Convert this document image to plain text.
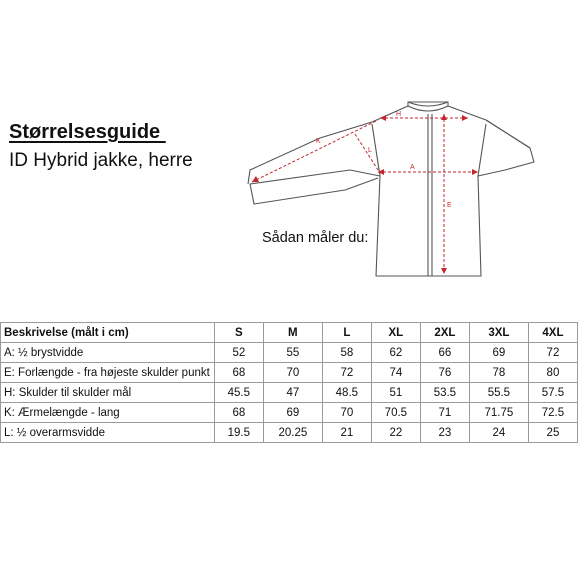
Størrelsesguide
ID Hybrid jakke, herre
H
K
L
A
E
Sådan måler du:
Beskrivelse (målt i cm)	S	M	L	XL	2XL	3XL	4XL
A: ½ brystvidde	52	55	58	62	66	69	72
E: Forlængde - fra højeste skulder punkt	68	70	72	74	76	78	80
H: Skulder til skulder mål	45.5	47	48.5	51	53.5	55.5	57.5
K: Ærmelængde - lang	68	69	70	70.5	71	71.75	72.5
L: ½ overarmsvidde	19.5	20.25	21	22	23	24	25
